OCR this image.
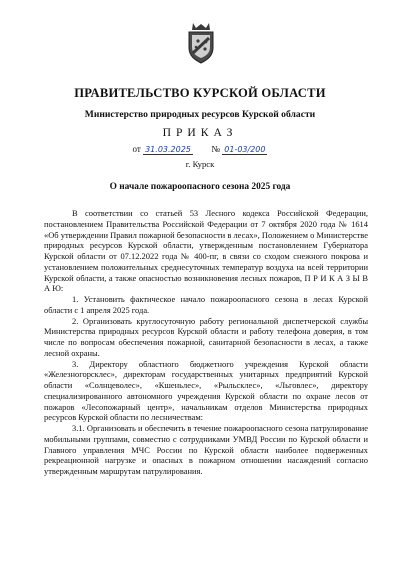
ПРАВИТЕЛЬСТВО КУРСКОЙ ОБЛАСТИ
Министерство природных ресурсов Курской области
ПРИКАЗ
от 31.03.2025 № 01-03/200
г. Курск
О начале пожароопасного сезона 2025 года

В соответствии со статьей 53 Лесного кодекса Российской Федерации, постановлением Правительства Российской Федерации от 7 октября 2020 года № 1614 «Об утверждении Правил пожарной безопасности в лесах», Положением о Министерстве природных ресурсов Курской области, утвержденным постановлением Губернатора Курской области от 07.12.2022 года № 400-пг, в связи со сходом снежного покрова и установлением положительных среднесуточных температур воздуха на всей территории Курской области, а также опасностью возникновения лесных пожаров, П Р И К А З Ы В А Ю:

1. Установить фактическое начало пожароопасного сезона в лесах Курской области с 1 апреля 2025 года.

2. Организовать круглосуточную работу региональной диспетчерской службы Министерства природных ресурсов Курской области и работу телефона доверия, в том числе по вопросам обеспечения пожарной, санитарной безопасности в лесах, а также лесной охраны.

3. Директору областного бюджетного учреждения Курской области «Железногорсклес», директорам государственных унитарных предприятий Курской области «Солнцеволес», «Кшеньлес», «Рыльсклес», «Льговлес», директору специализированного автономного учреждения Курской области по охране лесов от пожаров «Лесопожарный центр», начальникам отделов Министерства природных ресурсов Курской области по лесничествам:

3.1. Организовать и обеспечить в течение пожароопасного сезона патрулирование мобильными группами, совместно с сотрудниками УМВД России по Курской области и Главного управления МЧС России по Курской области наиболее подверженных рекреационной нагрузке и опасных в пожарном отношении насаждений согласно утвержденным маршрутам патрулирования.
